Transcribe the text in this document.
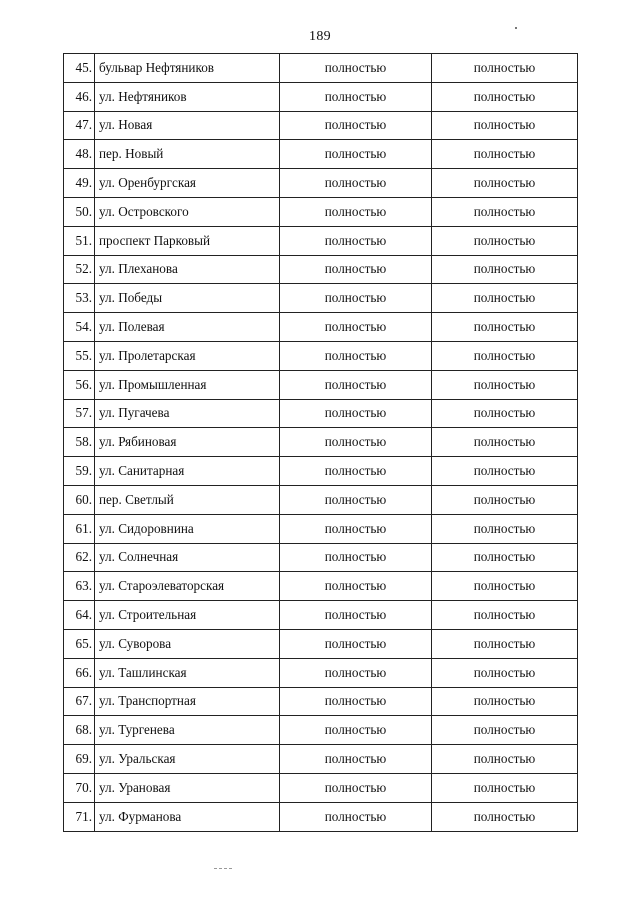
189
45.	бульвар Нефтяников	полностью	полностью
46.	ул. Нефтяников	полностью	полностью
47.	ул. Новая	полностью	полностью
48.	пер. Новый	полностью	полностью
49.	ул. Оренбургская	полностью	полностью
50.	ул. Островского	полностью	полностью
51.	проспект Парковый	полностью	полностью
52.	ул. Плеханова	полностью	полностью
53.	ул. Победы	полностью	полностью
54.	ул. Полевая	полностью	полностью
55.	ул. Пролетарская	полностью	полностью
56.	ул. Промышленная	полностью	полностью
57.	ул. Пугачева	полностью	полностью
58.	ул. Рябиновая	полностью	полностью
59.	ул. Санитарная	полностью	полностью
60.	пер. Светлый	полностью	полностью
61.	ул. Сидоровнина	полностью	полностью
62.	ул. Солнечная	полностью	полностью
63.	ул. Староэлеваторская	полностью	полностью
64.	ул. Строительная	полностью	полностью
65.	ул. Суворова	полностью	полностью
66.	ул. Ташлинская	полностью	полностью
67.	ул. Транспортная	полностью	полностью
68.	ул. Тургенева	полностью	полностью
69.	ул. Уральская	полностью	полностью
70.	ул. Урановая	полностью	полностью
71.	ул. Фурманова	полностью	полностью
